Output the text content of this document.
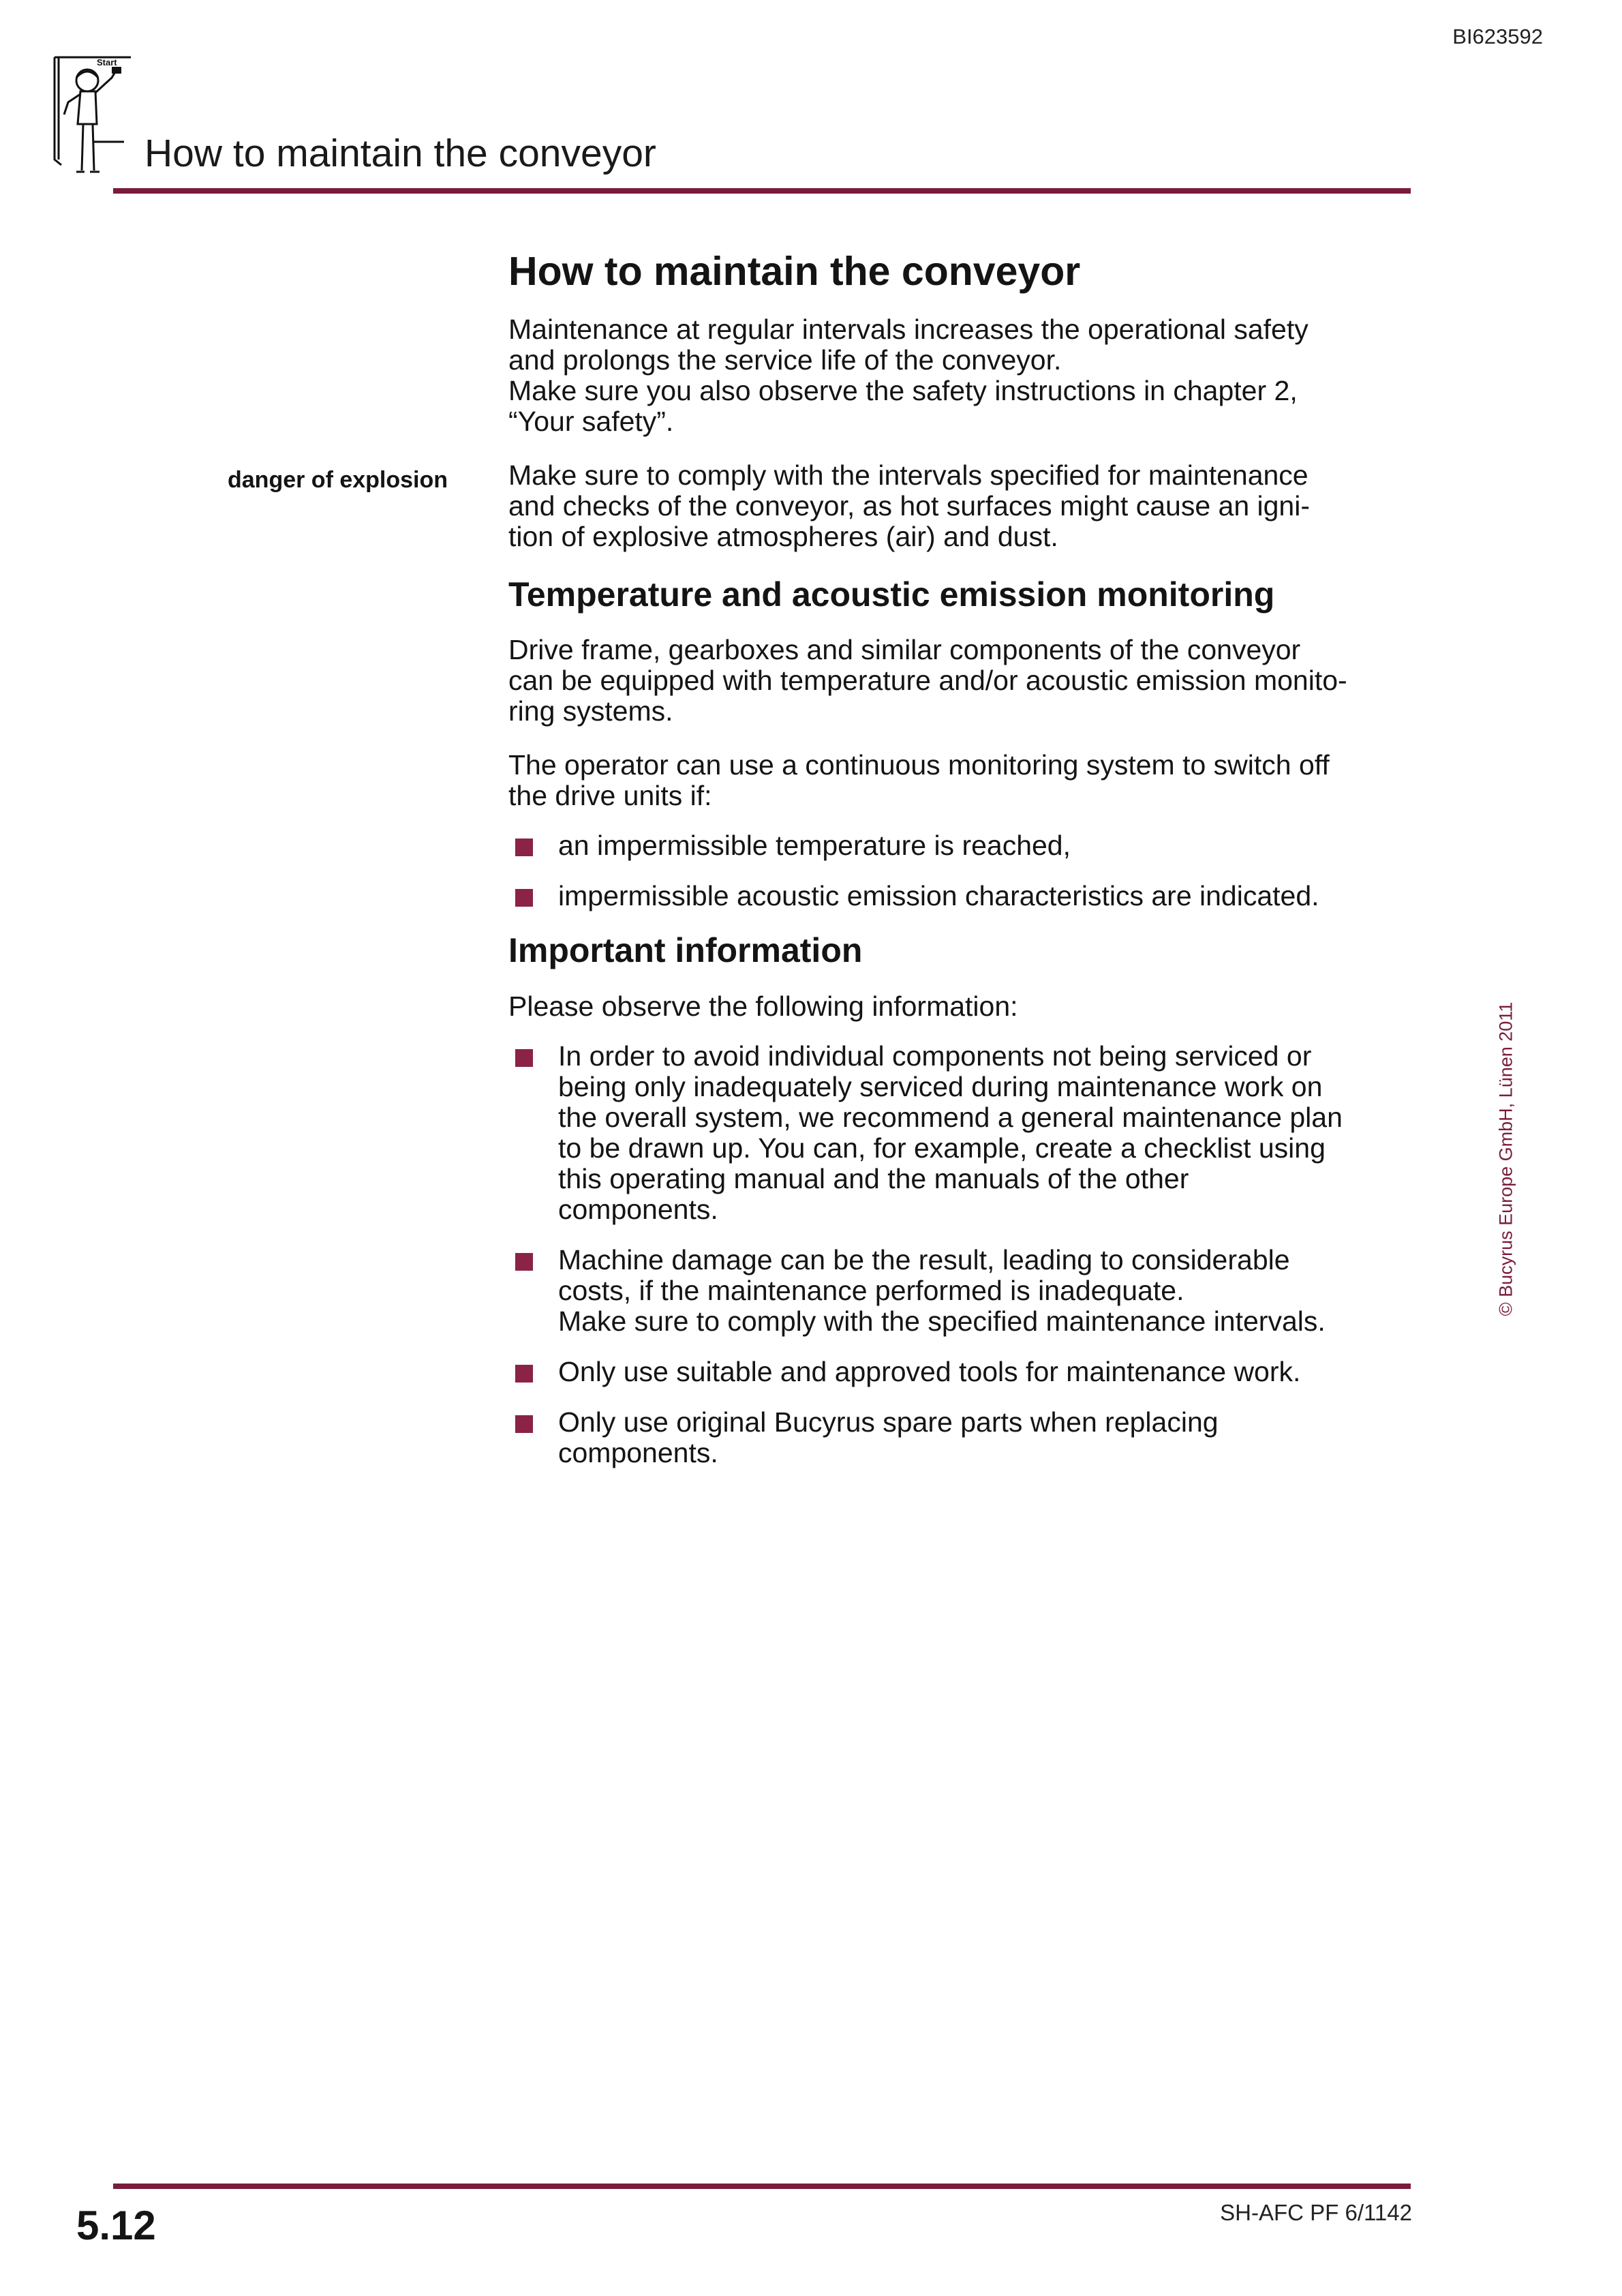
BI623592
Start
How to maintain the conveyor
How to maintain the conveyor
Maintenance at regular intervals increases the operational safety
and prolongs the service life of the conveyor.
Make sure you also observe the safety instructions in chapter 2,
“Your safety”.
danger of explosion	Make sure to comply with the intervals specified for maintenance
and checks of the conveyor, as hot surfaces might cause an igni-
tion of explosive atmospheres (air) and dust.
Temperature and acoustic emission monitoring
Drive frame, gearboxes and similar components of the conveyor
can be equipped with temperature and/or acoustic emission monito-
ring systems.
The operator can use a continuous monitoring system to switch off
the drive units if:
an impermissible temperature is reached,
impermissible acoustic emission characteristics are indicated.
Important information
Please observe the following information:
In order to avoid individual components not being serviced or
being only inadequately serviced during maintenance work on
the overall system, we recommend a general maintenance plan
to be drawn up. You can, for example, create a checklist using
this operating manual and the manuals of the other
components.
Machine damage can be the result, leading to considerable
costs, if the maintenance performed is inadequate.
Make sure to comply with the specified maintenance intervals.
Only use suitable and approved tools for maintenance work.
Only use original Bucyrus spare parts when replacing
components.
© Bucyrus Europe GmbH, Lünen 2011
5.12	SH-AFC PF 6/1142
